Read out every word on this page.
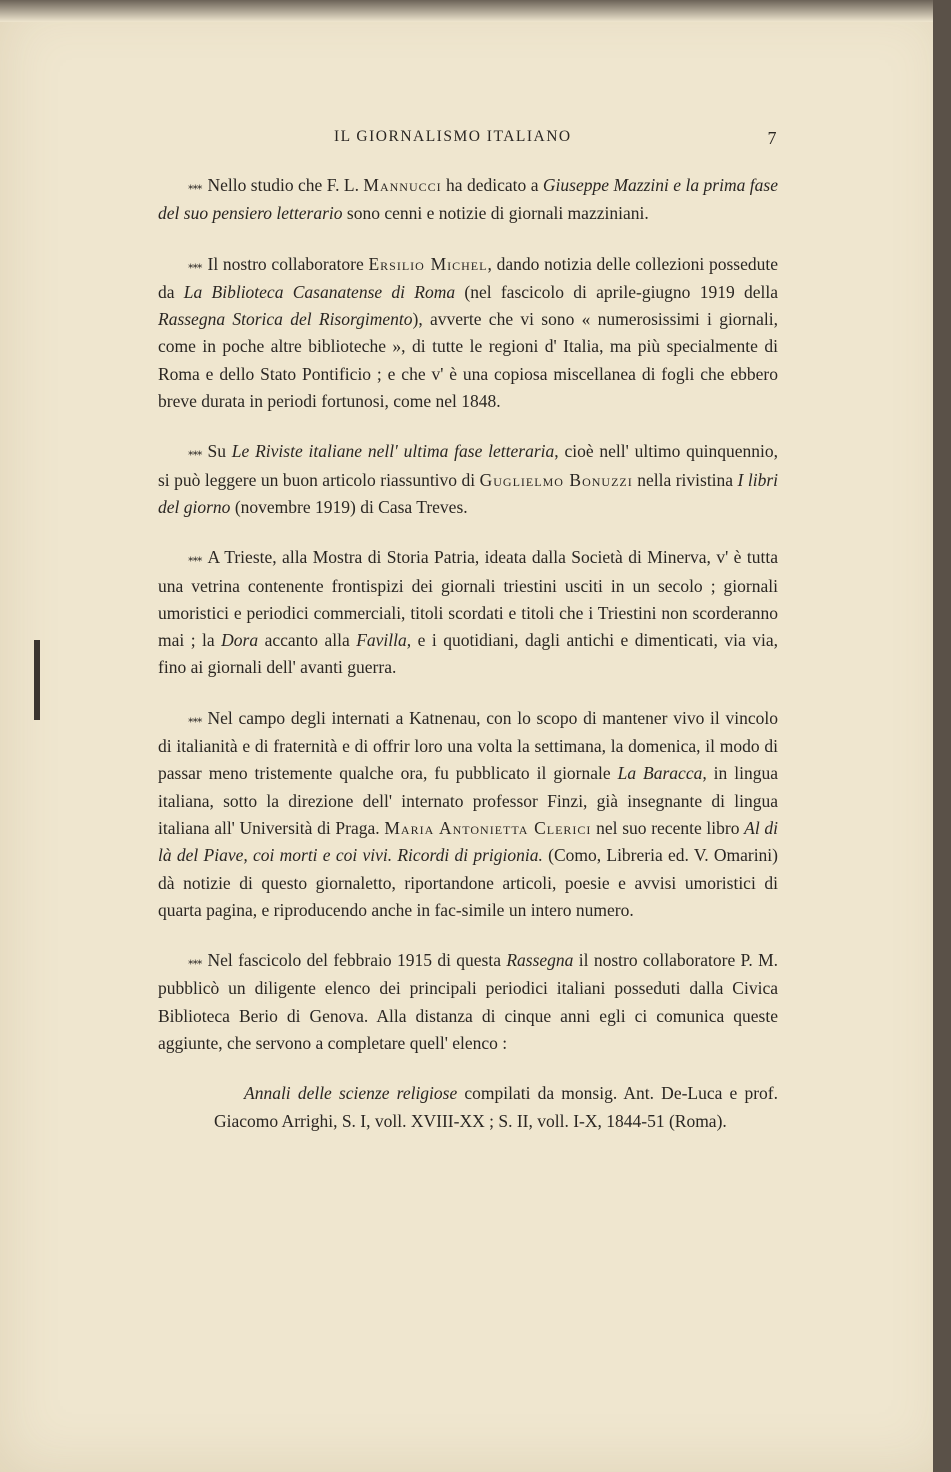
IL GIORNALISMO ITALIANO	7

⁎⁎⁎ Nello studio che F. L. Mannucci ha dedicato a Giuseppe Mazzini e la prima fase del suo pensiero letterario sono cenni e notizie di giornali mazziniani.

⁎⁎⁎ Il nostro collaboratore Ersilio Michel, dando notizia delle collezioni possedute da La Biblioteca Casanatense di Roma (nel fascicolo di aprile-giugno 1919 della Rassegna Storica del Risorgimento), avverte che vi sono « numerosissimi i giornali, come in poche altre biblioteche », di tutte le regioni d' Italia, ma più specialmente di Roma e dello Stato Pontificio ; e che v' è una copiosa miscellanea di fogli che ebbero breve durata in periodi fortunosi, come nel 1848.

⁎⁎⁎ Su Le Riviste italiane nell' ultima fase letteraria, cioè nell' ultimo quinquennio, si può leggere un buon articolo riassuntivo di Guglielmo Bonuzzi nella rivistina I libri del giorno (novembre 1919) di Casa Treves.

⁎⁎⁎ A Trieste, alla Mostra di Storia Patria, ideata dalla Società di Minerva, v' è tutta una vetrina contenente frontispizi dei giornali triestini usciti in un secolo ; giornali umoristici e periodici commerciali, titoli scordati e titoli che i Triestini non scorderanno mai ; la Dora accanto alla Favilla, e i quotidiani, dagli antichi e dimenticati, via via, fino ai giornali dell' avanti guerra.

⁎⁎⁎ Nel campo degli internati a Katnenau, con lo scopo di mantener vivo il vincolo di italianità e di fraternità e di offrir loro una volta la settimana, la domenica, il modo di passar meno tristemente qualche ora, fu pubblicato il giornale La Baracca, in lingua italiana, sotto la direzione dell' internato professor Finzi, già insegnante di lingua italiana all' Università di Praga. Maria Antonietta Clerici nel suo recente libro Al di là del Piave, coi morti e coi vivi. Ricordi di prigionia. (Como, Libreria ed. V. Omarini) dà notizie di questo giornaletto, riportandone articoli, poesie e avvisi umoristici di quarta pagina, e riproducendo anche in fac-simile un intero numero.

⁎⁎⁎ Nel fascicolo del febbraio 1915 di questa Rassegna il nostro collaboratore P. M. pubblicò un diligente elenco dei principali periodici italiani posseduti dalla Civica Biblioteca Berio di Genova. Alla distanza di cinque anni egli ci comunica queste aggiunte, che servono a completare quell' elenco :

Annali delle scienze religiose compilati da monsig. Ant. De-Luca e prof. Giacomo Arrighi, S. I, voll. XVIII-XX ; S. II, voll. I-X, 1844-51 (Roma).
